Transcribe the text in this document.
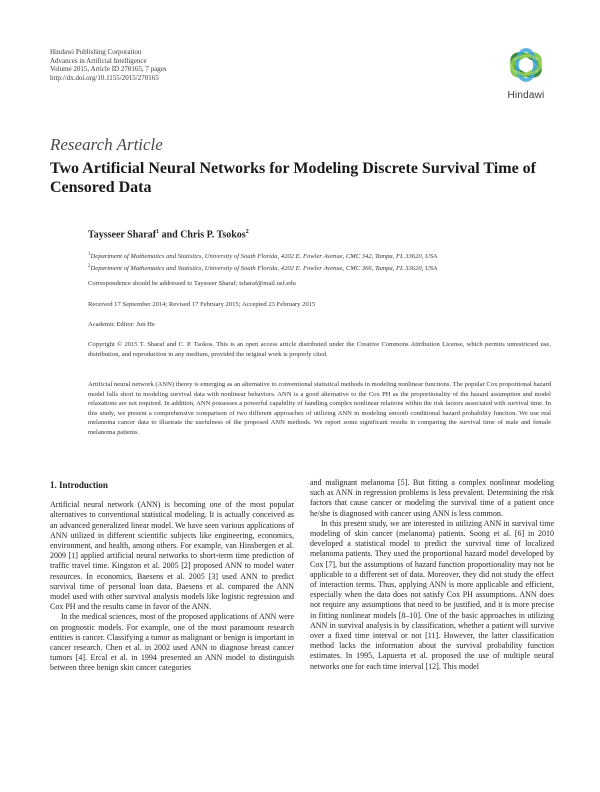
Hindawi Publishing Corporation
Advances in Artificial Intelligence
Volume 2015, Article ID 270165, 7 pages
http://dx.doi.org/10.1155/2015/270165
Hindawi
Research Article
Two Artificial Neural Networks for Modeling Discrete Survival Time of Censored Data
Taysseer Sharaf$^1$ and Chris P. Tsokos$^2$
$^1$Department of Mathematics and Statistics, University of South Florida, 4202 E. Fowler Avenue, CMC 342, Tampa, FL 33620, USA
$^2$Department of Mathematics and Statistics, University of South Florida, 4202 E. Fowler Avenue, CMC 366, Tampa, FL 33620, USA
Correspondence should be addressed to Taysseer Sharaf; tsharaf@mail.usf.edu
Received 17 September 2014; Revised 17 February 2015; Accepted 23 February 2015
Academic Editor: Jun He
Copyright © 2015 T. Sharaf and C. P. Tsokos. This is an open access article distributed under the Creative Commons Attribution License, which permits unrestricted use, distribution, and reproduction in any medium, provided the original work is properly cited.
Artificial neural network (ANN) theory is emerging as an alternative to conventional statistical methods in modeling nonlinear functions. The popular Cox proportional hazard model falls short in modeling survival data with nonlinear behaviors. ANN is a good alternative to the Cox PH as the proportionality of the hazard assumption and model relaxations are not required. In addition, ANN possesses a powerful capability of handling complex nonlinear relations within the risk factors associated with survival time. In this study, we present a comprehensive comparison of two different approaches of utilizing ANN in modeling smooth conditional hazard probability function. We use real melanoma cancer data to illustrate the usefulness of the proposed ANN methods. We report some significant results in comparing the survival time of male and female melanoma patients.

1. Introduction

Artificial neural network (ANN) is becoming one of the most popular alternatives to conventional statistical modeling. It is actually conceived as an advanced generalized linear model. We have seen various applications of ANN utilized in different scientific subjects like engineering, economics, environment, and health, among others. For example, van Hinsbergen et al. 2009 [1] applied artificial neural networks to short-term time prediction of traffic travel time. Kingston et al. 2005 [2] proposed ANN to model water resources. In economics, Baesens et al. 2005 [3] used ANN to predict survival time of personal loan data. Baesens et al. compared the ANN model used with other survival analysis models like logistic regression and Cox PH and the results came in favor of the ANN.

In the medical sciences, most of the proposed applications of ANN were on prognostic models. For example, one of the most paramount research entities is cancer. Classifying a tumor as malignant or benign is important in cancer research. Chen et al. in 2002 used ANN to diagnose breast cancer tumors [4]. Ercal et al. in 1994 presented an ANN model to distinguish between three benign skin cancer categories

and malignant melanoma [5]. But fitting a complex nonlinear modeling such as ANN in regression problems is less prevalent. Determining the risk factors that cause cancer or modeling the survival time of a patient once he/she is diagnosed with cancer using ANN is less common.

In this present study, we are interested in utilizing ANN in survival time modeling of skin cancer (melanoma) patients. Soong et al. [6] in 2010 developed a statistical model to predict the survival time of localized melanoma patients. They used the proportional hazard model developed by Cox [7], but the assumptions of hazard function proportionality may not be applicable to a different set of data. Moreover, they did not study the effect of interaction terms. Thus, applying ANN is more applicable and efficient, especially when the data does not satisfy Cox PH assumptions. ANN does not require any assumptions that need to be justified, and it is more precise in fitting nonlinear models [8–10]. One of the basic approaches in utilizing ANN in survival analysis is by classification, whether a patient will survive over a fixed time interval or not [11]. However, the latter classification method lacks the information about the survival probability function estimates. In 1995, Lapuerta et al. proposed the use of multiple neural networks one for each time interval [12]. This model
